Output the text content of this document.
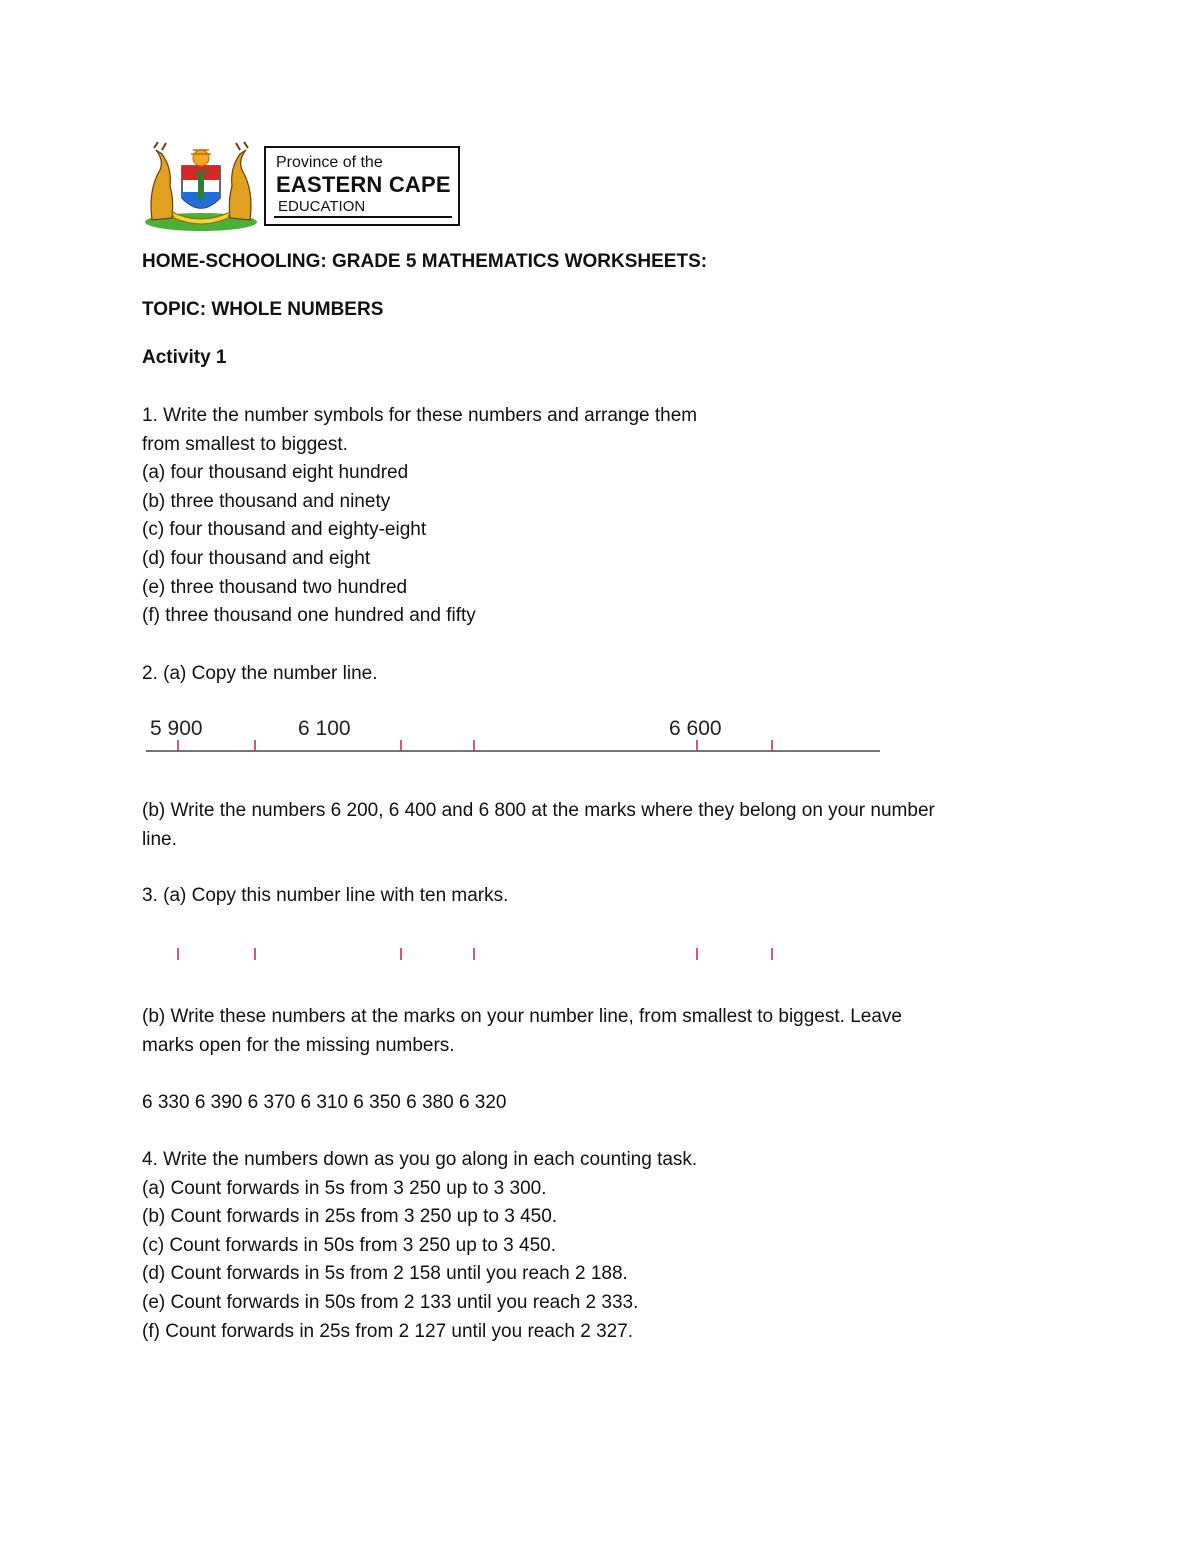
Province of the
EASTERN CAPE
EDUCATION
HOME-SCHOOLING: GRADE 5 MATHEMATICS WORKSHEETS:
TOPIC: WHOLE NUMBERS
Activity 1
1. Write the number symbols for these numbers and arrange them
from smallest to biggest.
(a) four thousand eight hundred
(b) three thousand and ninety
(c) four thousand and eighty-eight
(d) four thousand and eight
(e) three thousand two hundred
(f) three thousand one hundred and fifty
2. (a) Copy the number line.
5 900	6 100	6 600
(b) Write the numbers 6 200, 6 400 and 6 800 at the marks where they belong on your number
line.
3. (a) Copy this number line with ten marks.
(b) Write these numbers at the marks on your number line, from smallest to biggest. Leave
marks open for the missing numbers.
6 330 6 390 6 370 6 310 6 350 6 380 6 320
4. Write the numbers down as you go along in each counting task.
(a) Count forwards in 5s from 3 250 up to 3 300.
(b) Count forwards in 25s from 3 250 up to 3 450.
(c) Count forwards in 50s from 3 250 up to 3 450.
(d) Count forwards in 5s from 2 158 until you reach 2 188.
(e) Count forwards in 50s from 2 133 until you reach 2 333.
(f) Count forwards in 25s from 2 127 until you reach 2 327.
